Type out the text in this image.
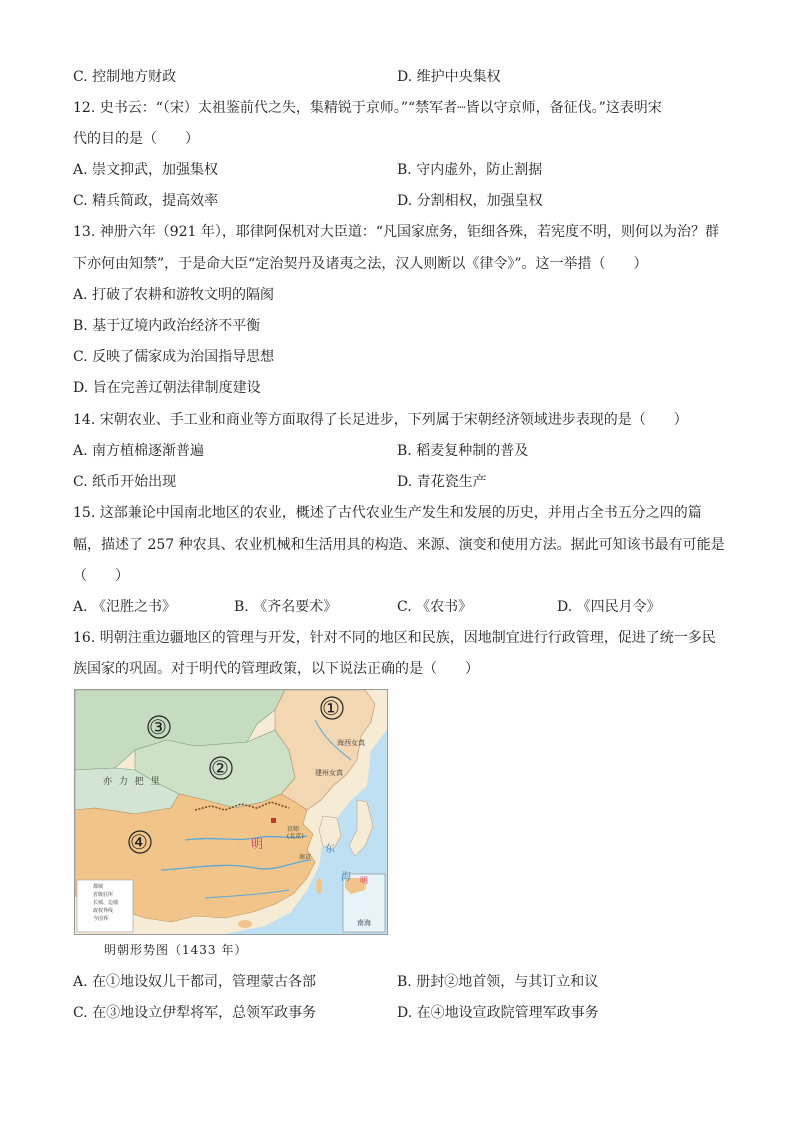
C. 控制地方财政	D. 维护中央集权
12. 史书云：“（宋）太祖鉴前代之失，集精锐于京师。”“禁军者┈皆以守京师，备征伐。”这表明宋
代的目的是（　　）
A. 崇文抑武，加强集权	B. 守内虚外，防止割据
C. 精兵简政，提高效率	D. 分割相权，加强皇权
13. 神册六年（921 年），耶律阿保机对大臣道：“凡国家庶务，钜细各殊，若宪度不明，则何以为治？群
下亦何由知禁”，于是命大臣“定治契丹及诸夷之法，汉人则断以《律令》”。这一举措（　　）
A. 打破了农耕和游牧文明的隔阂
B. 基于辽境内政治经济不平衡
C. 反映了儒家成为治国指导思想
D. 旨在完善辽朝法律制度建设
14. 宋朝农业、手工业和商业等方面取得了长足进步，下列属于宋朝经济领域进步表现的是（　　）
A. 南方植棉逐渐普遍	B. 稻麦复种制的普及
C. 纸币开始出现	D. 青花瓷生产
15. 这部兼论中国南北地区的农业，概述了古代农业生产发生和发展的历史，并用占全书五分之四的篇
幅，描述了 257 种农具、农业机械和生活用具的构造、来源、演变和使用方法。据此可知该书最有可能是
（　　）
A. 《氾胜之书》	B. 《齐名要术》	C. 《农书》	D. 《四民月令》
16. 明朝注重边疆地区的管理与开发，针对不同的地区和民族，因地制宜进行行政管理，促进了统一多民
族国家的巩固。对于明代的管理政策，以下说法正确的是（　　）
①
③
②
④
亦 力 把 里
明
京师
(北京)
南京
海西女真
建州女真
东
海 明
南海
都城
省级驻所
长城、边墙
政权界线
今国界
明朝形势图（1433 年）
A. 在①地设奴儿干都司，管理蒙古各部	B. 册封②地首领，与其订立和议
C. 在③地设立伊犁将军，总领军政事务	D. 在④地设宣政院管理军政事务
